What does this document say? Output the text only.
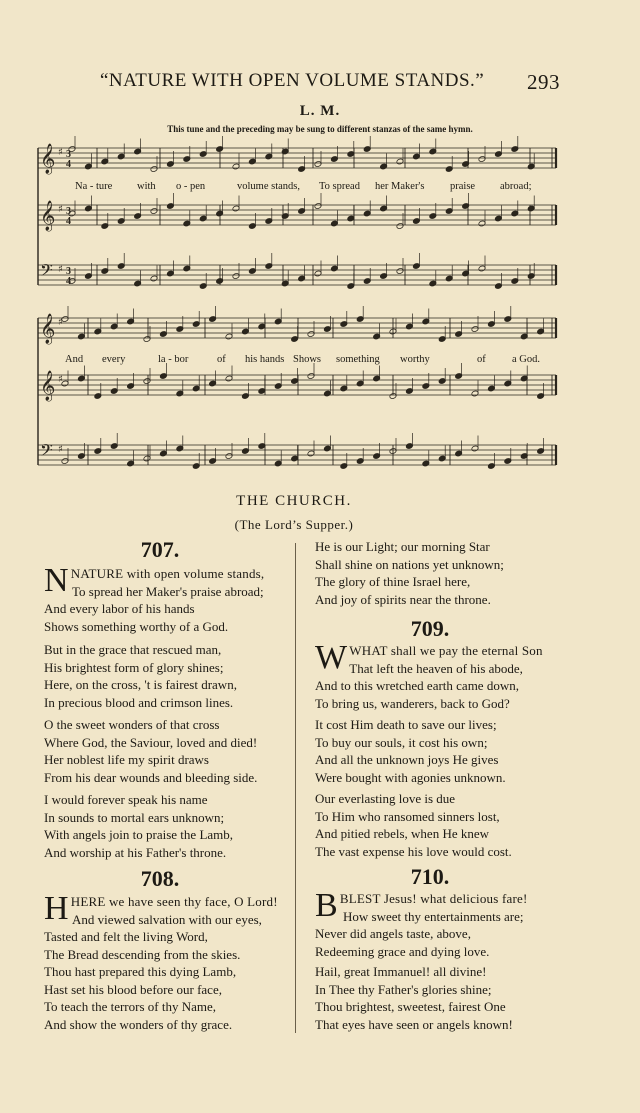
“NATURE WITH OPEN VOLUME STANDS.” 293
L. M.
This tune and the preceding may be sung to different stanzas of the same hymn.
𝄞 ♯ 3
4
𝄞 ♯ 3
4
𝄢 ♯ 3
4
𝄞 ♯
𝄞 ♯
𝄢 ♯
Na - ture with o - pen	volume stands, To spread her Maker's praise abroad;
And every	la - bor	of his hands Shows something worthy	of	a God.
THE CHURCH.
(The Lord’s Supper.)
707.
NNATURE with open volume stands,
To spread her Maker's praise abroad;
And every labor of his hands
Shows something worthy of a God.
But in the grace that rescued man,
His brightest form of glory shines;
Here, on the cross, 't is fairest drawn,
In precious blood and crimson lines.
O the sweet wonders of that cross
Where God, the Saviour, loved and died!
Her noblest life my spirit draws
From his dear wounds and bleeding side.
I would forever speak his name
In sounds to mortal ears unknown;
With angels join to praise the Lamb,
And worship at his Father's throne.
708.
HHERE we have seen thy face, O Lord!
And viewed salvation with our eyes,
Tasted and felt the living Word,
The Bread descending from the skies.
Thou hast prepared this dying Lamb,
Hast set his blood before our face,
To teach the terrors of thy Name,
And show the wonders of thy grace.
He is our Light; our morning Star
Shall shine on nations yet unknown;
The glory of thine Israel here,
And joy of spirits near the throne.
709.
WWHAT shall we pay the eternal Son
That left the heaven of his abode,
And to this wretched earth came down,
To bring us, wanderers, back to God?
It cost Him death to save our lives;
To buy our souls, it cost his own;
And all the unknown joys He gives
Were bought with agonies unknown.
Our everlasting love is due
To Him who ransomed sinners lost,
And pitied rebels, when He knew
The vast expense his love would cost.
710.
BBLEST Jesus! what delicious fare!
How sweet thy entertainments are;
Never did angels taste, above,
Redeeming grace and dying love.
Hail, great Immanuel! all divine!
In Thee thy Father's glories shine;
Thou brightest, sweetest, fairest One
That eyes have seen or angels known!
